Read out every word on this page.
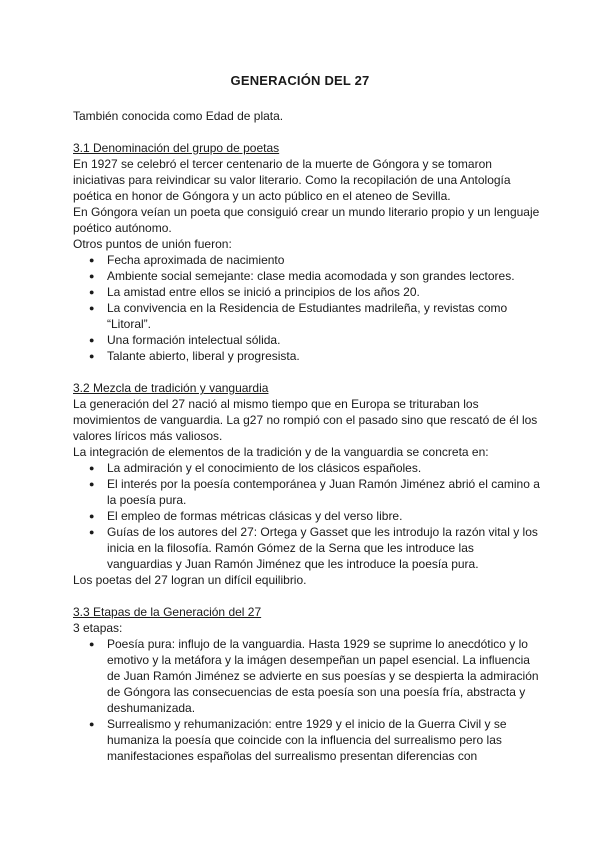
GENERACIÓN DEL 27

También conocida como Edad de plata.

3.1 Denominación del grupo de poetas

En 1927 se celebró el tercer centenario de la muerte de Góngora y se tomaron iniciativas para reivindicar su valor literario. Como la recopilación de una Antología poética en honor de Góngora y un acto público en el ateneo de Sevilla.

En Góngora veían un poeta que consiguió crear un mundo literario propio y un lenguaje poético autónomo.

Otros puntos de unión fueron:

● Fecha aproximada de nacimiento
● Ambiente social semejante: clase media acomodada y son grandes lectores.
● La amistad entre ellos se inició a principios de los años 20.
● La convivencia en la Residencia de Estudiantes madrileña, y revistas como “Litoral”.
● Una formación intelectual sólida.
● Talante abierto, liberal y progresista.

3.2 Mezcla de tradición y vanguardia

La generación del 27 nació al mismo tiempo que en Europa se trituraban los movimientos de vanguardia. La g27 no rompió con el pasado sino que rescató de él los valores líricos más valiosos.

La integración de elementos de la tradición y de la vanguardia se concreta en:

● La admiración y el conocimiento de los clásicos españoles.
● El interés por la poesía contemporánea y Juan Ramón Jiménez abrió el camino a la poesía pura.
● El empleo de formas métricas clásicas y del verso libre.
● Guías de los autores del 27: Ortega y Gasset que les introdujo la razón vital y los inicia en la filosofía. Ramón Gómez de la Serna que les introduce las vanguardias y Juan Ramón Jiménez que les introduce la poesía pura.

Los poetas del 27 logran un difícil equilibrio.

3.3 Etapas de la Generación del 27

3 etapas:

● Poesía pura: influjo de la vanguardia. Hasta 1929 se suprime lo anecdótico y lo emotivo y la metáfora y la imágen desempeñan un papel esencial. La influencia de Juan Ramón Jiménez se advierte en sus poesías y se despierta la admiración de Góngora las consecuencias de esta poesía son una poesía fría, abstracta y deshumanizada.
● Surrealismo y rehumanización: entre 1929 y el inicio de la Guerra Civil y se humaniza la poesía que coincide con la influencia del surrealismo pero las manifestaciones españolas del surrealismo presentan diferencias con
